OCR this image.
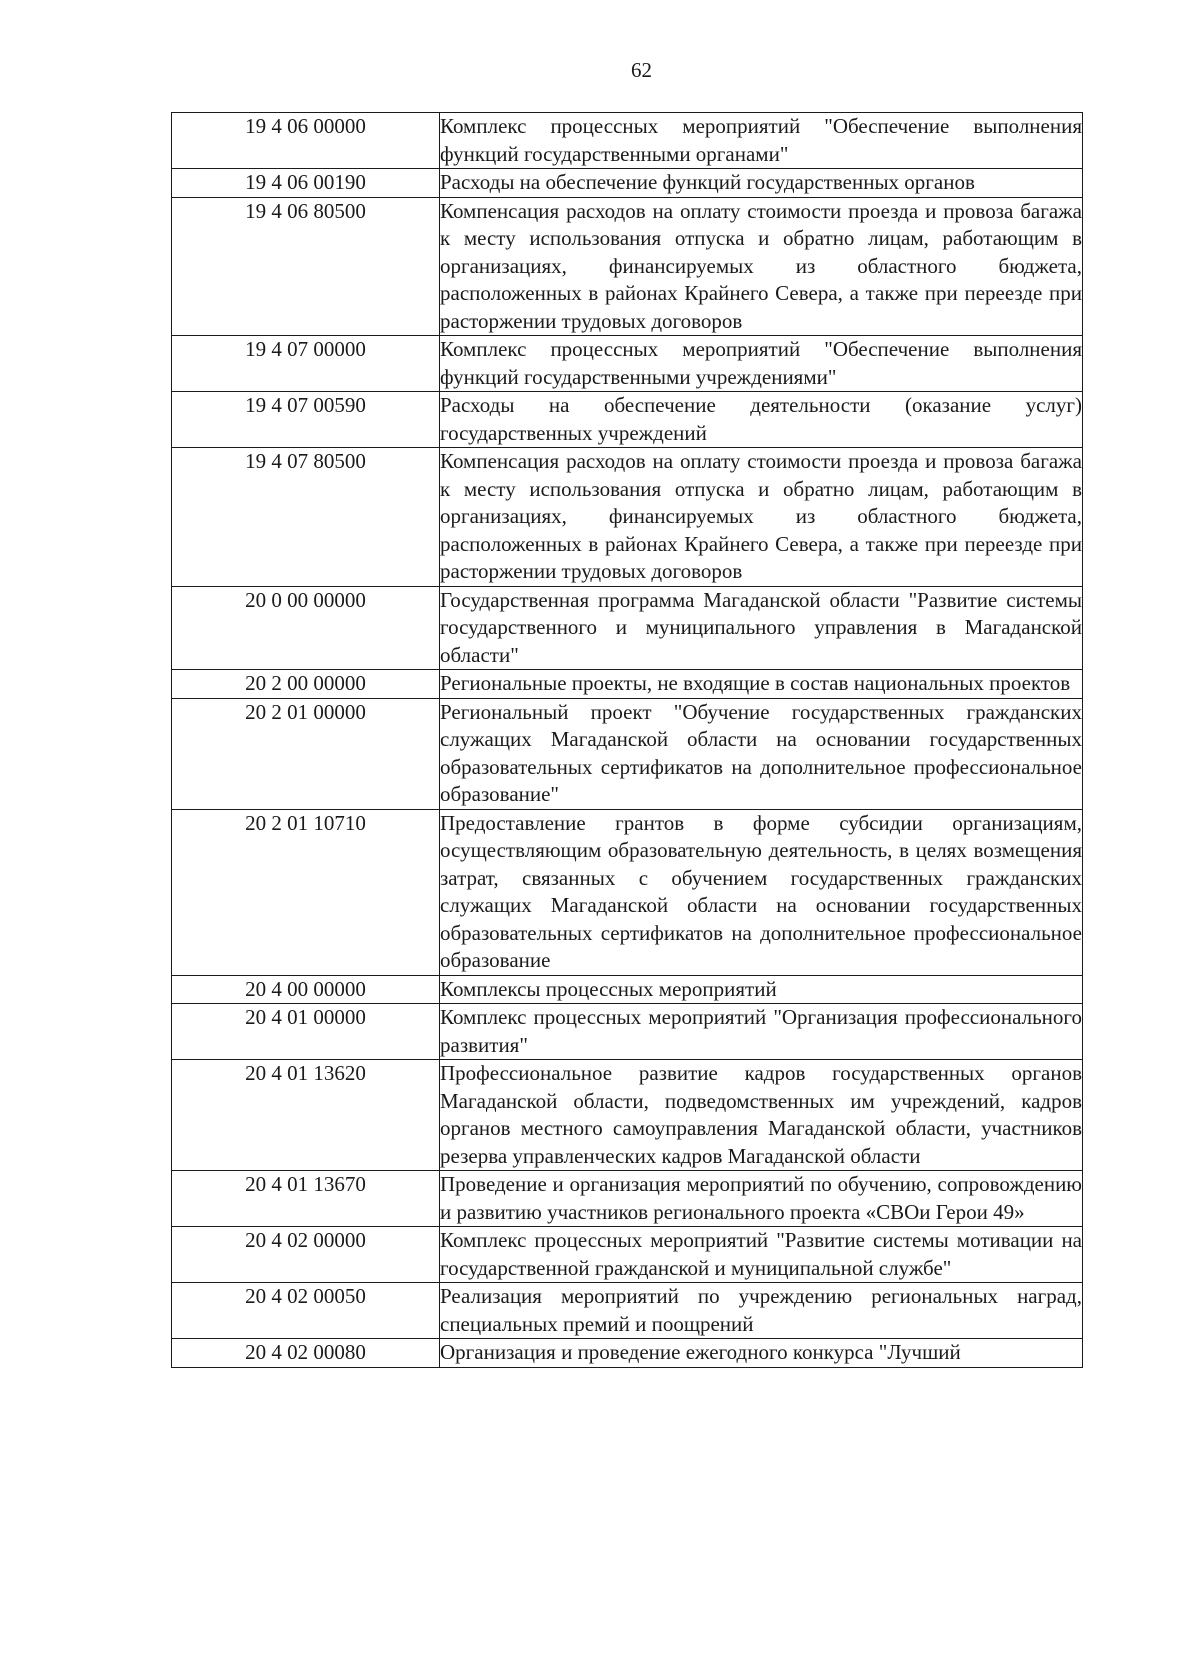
62
19 4 06 00000	Комплекс процессных мероприятий "Обеспечение выполнения функций государственными органами"
19 4 06 00190	Расходы на обеспечение функций государственных органов
19 4 06 80500	Компенсация расходов на оплату стоимости проезда и провоза багажа к месту использования отпуска и обратно лицам, работающим в организациях, финансируемых из областного бюджета, расположенных в районах Крайнего Севера, а также при переезде при расторжении трудовых договоров
19 4 07 00000	Комплекс процессных мероприятий "Обеспечение выполнения функций государственными учреждениями"
19 4 07 00590	Расходы на обеспечение деятельности (оказание услуг) государственных учреждений
19 4 07 80500	Компенсация расходов на оплату стоимости проезда и провоза багажа к месту использования отпуска и обратно лицам, работающим в организациях, финансируемых из областного бюджета, расположенных в районах Крайнего Севера, а также при переезде при расторжении трудовых договоров
20 0 00 00000	Государственная программа Магаданской области "Развитие системы государственного и муниципального управления в Магаданской области"
20 2 00 00000	Региональные проекты, не входящие в состав национальных проектов
20 2 01 00000	Региональный проект "Обучение государственных гражданских служащих Магаданской области на основании государственных образовательных сертификатов на дополнительное профессиональное образование"
20 2 01 10710	Предоставление грантов в форме субсидии организациям, осуществляющим образовательную деятельность, в целях возмещения затрат, связанных с обучением государственных гражданских служащих Магаданской области на основании государственных образовательных сертификатов на дополнительное профессиональное образование
20 4 00 00000	Комплексы процессных мероприятий
20 4 01 00000	Комплекс процессных мероприятий "Организация профессионального развития"
20 4 01 13620	Профессиональное развитие кадров государственных органов Магаданской области, подведомственных им учреждений, кадров органов местного самоуправления Магаданской области, участников резерва управленческих кадров Магаданской области
20 4 01 13670	Проведение и организация мероприятий по обучению, сопровождению и развитию участников регионального проекта «СВОи Герои 49»
20 4 02 00000	Комплекс процессных мероприятий "Развитие системы мотивации на государственной гражданской и муниципальной службе"
20 4 02 00050	Реализация мероприятий по учреждению региональных наград, специальных премий и поощрений
20 4 02 00080	Организация и проведение ежегодного конкурса "Лучший
